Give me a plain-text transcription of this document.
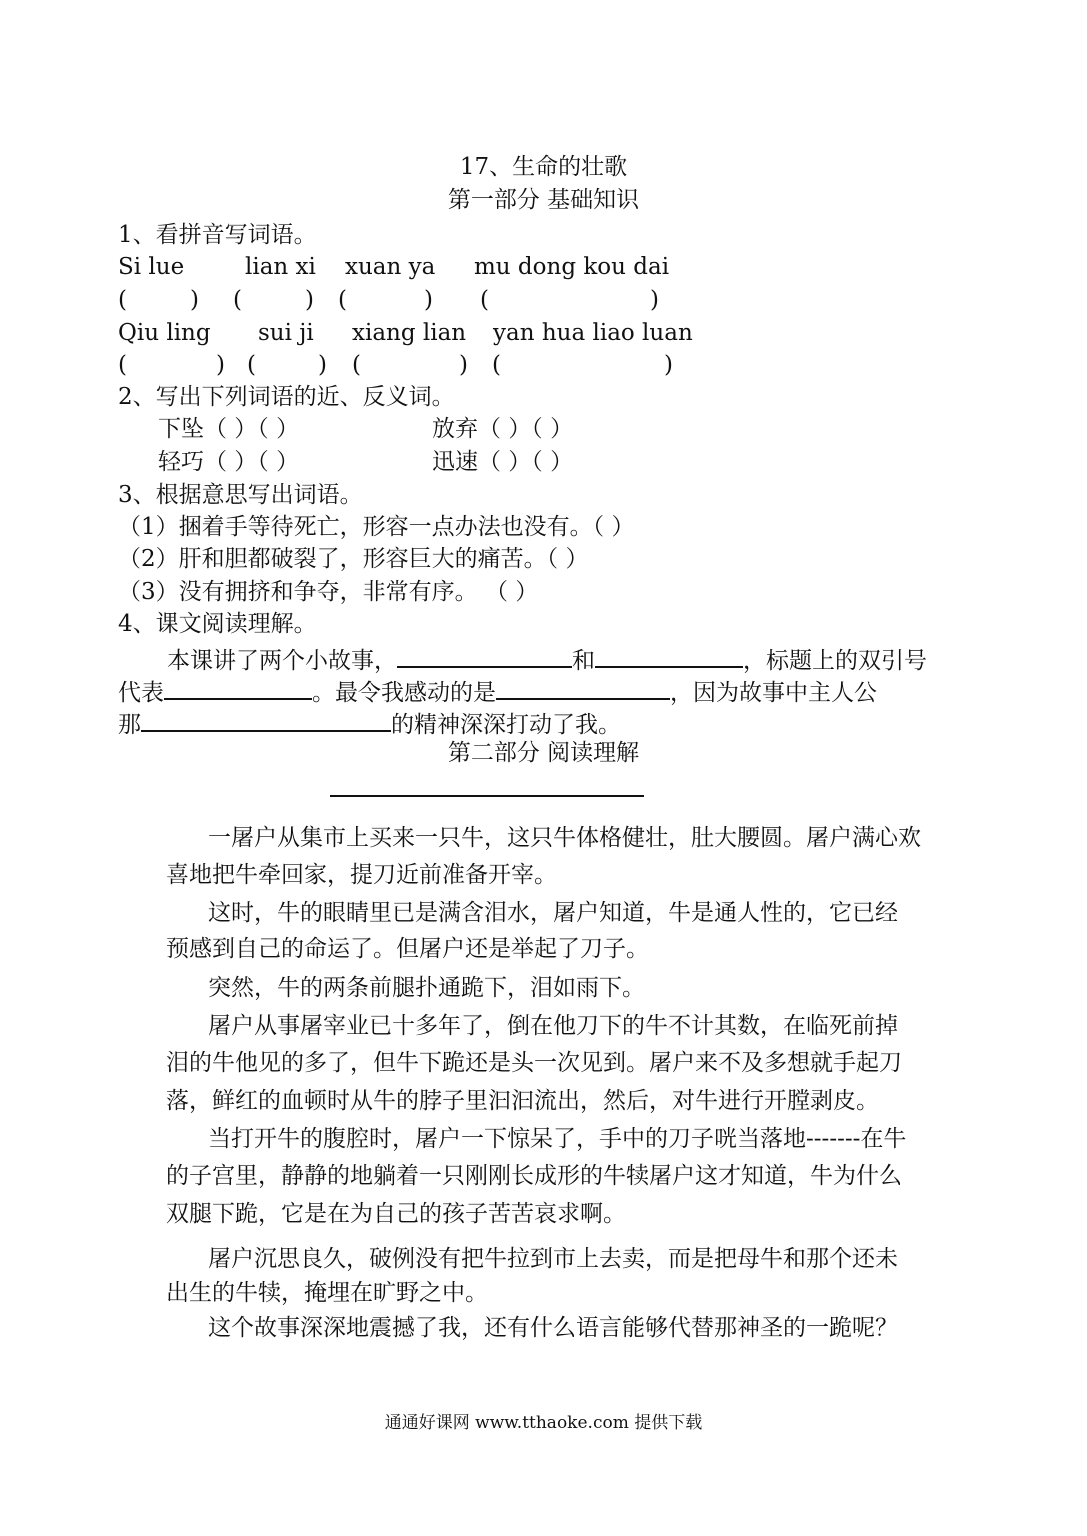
17、生命的壮歌
第一部分 基础知识
1、看拼音写词语。
Si lue	lian xi xuan ya mu dong kou dai
(	) (	) (	) (	)
Qiu ling sui ji xiang lian yan hua liao luan
(	) (	) (	) (	)
2、写出下列词语的近、反义词。
下坠（ ）（ ）	放弃（ ）（ ）
轻巧（ ）（ ）	迅速（ ）（ ）
3、根据意思写出词语。
（1）捆着手等待死亡，形容一点办法也没有。（ ）
（2）肝和胆都破裂了，形容巨大的痛苦。（ ）
（3）没有拥挤和争夺，非常有序。 （ ）
4、课文阅读理解。
本课讲了两个小故事，	和	，标题上的双引号
代表	。最令我感动的是	，因为故事中主人公
那	的精神深深打动了我。
第二部分 阅读理解
一屠户从集市上买来一只牛，这只牛体格健壮，肚大腰圆。屠户满心欢
喜地把牛牵回家，提刀近前准备开宰。
这时，牛的眼睛里已是满含泪水，屠户知道，牛是通人性的，它已经
预感到自己的命运了。但屠户还是举起了刀子。
突然，牛的两条前腿扑通跪下，泪如雨下。
屠户从事屠宰业已十多年了，倒在他刀下的牛不计其数，在临死前掉
泪的牛他见的多了，但牛下跪还是头一次见到。屠户来不及多想就手起刀
落，鲜红的血顿时从牛的脖子里汩汩流出，然后，对牛进行开膛剥皮。
当打开牛的腹腔时，屠户一下惊呆了，手中的刀子咣当落地-------在牛
的子宫里，静静的地躺着一只刚刚长成形的牛犊屠户这才知道，牛为什么
双腿下跪，它是在为自己的孩子苦苦哀求啊。
屠户沉思良久，破例没有把牛拉到市上去卖，而是把母牛和那个还未
出生的牛犊，掩埋在旷野之中。
这个故事深深地震撼了我，还有什么语言能够代替那神圣的一跪呢？
通通好课网 www.tthaoke.com 提供下载
